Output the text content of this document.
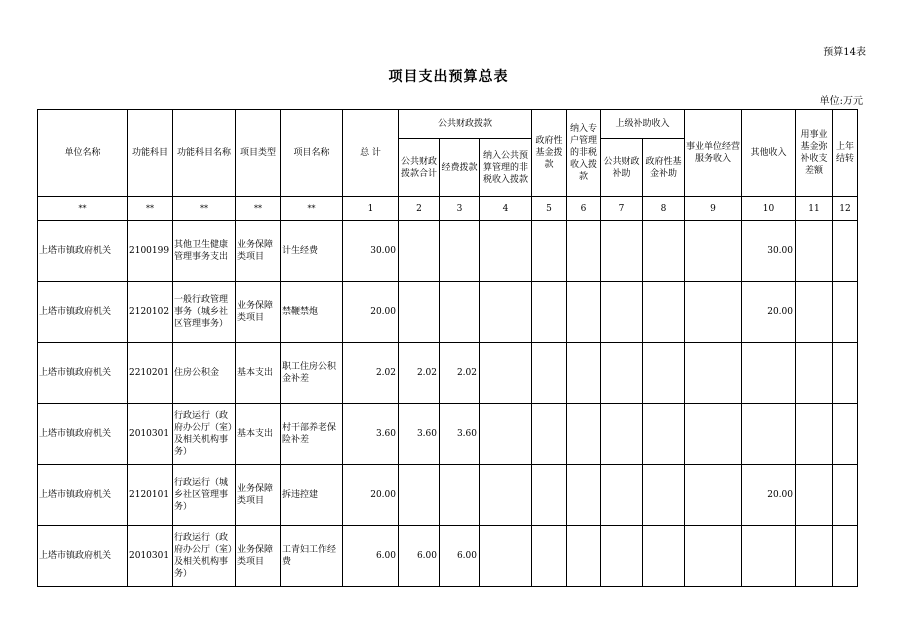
预算14表
项目支出预算总表
单位:万元
单位名称	功能科目	功能科目名称	项目类型	项目名称	总 计	公共财政拨款			政府性基金拨款	纳入专户管理的非税收入拨款	上级补助收入		事业单位经营服务收入	其他收入	用事业基金弥补收支差额	上年结转
						公共财政拨款合计	经费拨款	纳入公共预算管理的非税收入拨款			公共财政补助	政府性基金补助				
**	**	**	**	**	1	2	3	4	5	6	7	8	9	10	11	12

上塔市镇政府机关	2100199	其他卫生健康管理事务支出	业务保障类项目	计生经费	30.00									30.00		

上塔市镇政府机关	2120102	一般行政管理事务（城乡社区管理事务）	业务保障类项目	禁鞭禁炮	20.00									20.00		

上塔市镇政府机关	2210201	住房公积金	基本支出	职工住房公积金补差	2.02	2.02	2.02									

上塔市镇政府机关	2010301	行政运行（政府办公厅（室）及相关机构事务）	基本支出	村干部养老保险补差	3.60	3.60	3.60									

上塔市镇政府机关	2120101	行政运行（城乡社区管理事务）	业务保障类项目	拆违控建	20.00									20.00		

上塔市镇政府机关	2010301	行政运行（政府办公厅（室）及相关机构事务）	业务保障类项目	工青妇工作经费	6.00	6.00	6.00									
